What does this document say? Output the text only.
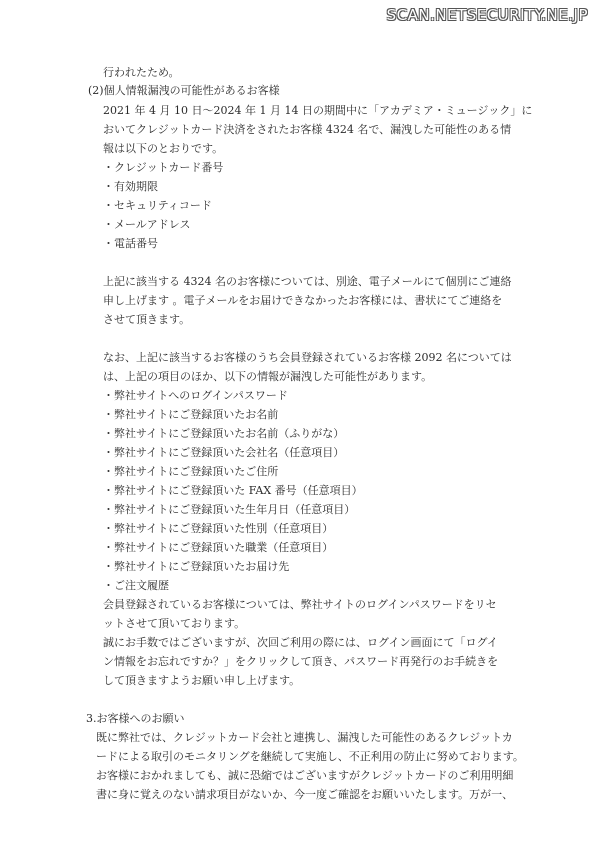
SCAN.NETSECURITY.NE.JP
行われたため。
(2)個人情報漏洩の可能性があるお客様
2021 年 4 月 10 日～2024 年 1 月 14 日の期間中に「アカデミア・ミュージック」に
おいてクレジットカード決済をされたお客様 4324 名で、漏洩した可能性のある情
報は以下のとおりです。
・クレジットカード番号
・有効期限
・セキュリティコード
・メールアドレス
・電話番号
上記に該当する 4324 名のお客様については、別途、電子メールにて個別にご連絡
申し上げます 。電子メールをお届けできなかったお客様には、書状にてご連絡を
させて頂きます。
なお、上記に該当するお客様のうち会員登録されているお客様 2092 名については
は、上記の項目のほか、以下の情報が漏洩した可能性があります。
・弊社サイトへのログインパスワード
・弊社サイトにご登録頂いたお名前
・弊社サイトにご登録頂いたお名前（ふりがな）
・弊社サイトにご登録頂いた会社名（任意項目）
・弊社サイトにご登録頂いたご住所
・弊社サイトにご登録頂いた FAX 番号（任意項目）
・弊社サイトにご登録頂いた生年月日（任意項目）
・弊社サイトにご登録頂いた性別（任意項目）
・弊社サイトにご登録頂いた職業（任意項目）
・弊社サイトにご登録頂いたお届け先
・ご注文履歴
会員登録されているお客様については、弊社サイトのログインパスワードをリセ
ットさせて頂いております。
誠にお手数ではございますが、次回ご利用の際には、ログイン画面にて「ログイ
ン情報をお忘れですか？」をクリックして頂き、パスワード再発行のお手続きを
して頂きますようお願い申し上げます。
3.お客様へのお願い
既に弊社では、クレジットカード会社と連携し、漏洩した可能性のあるクレジットカ
ードによる取引のモニタリングを継続して実施し、不正利用の防止に努めております。
お客様におかれましても、誠に恐縮ではございますがクレジットカードのご利用明細
書に身に覚えのない請求項目がないか、今一度ご確認をお願いいたします。万が一、
